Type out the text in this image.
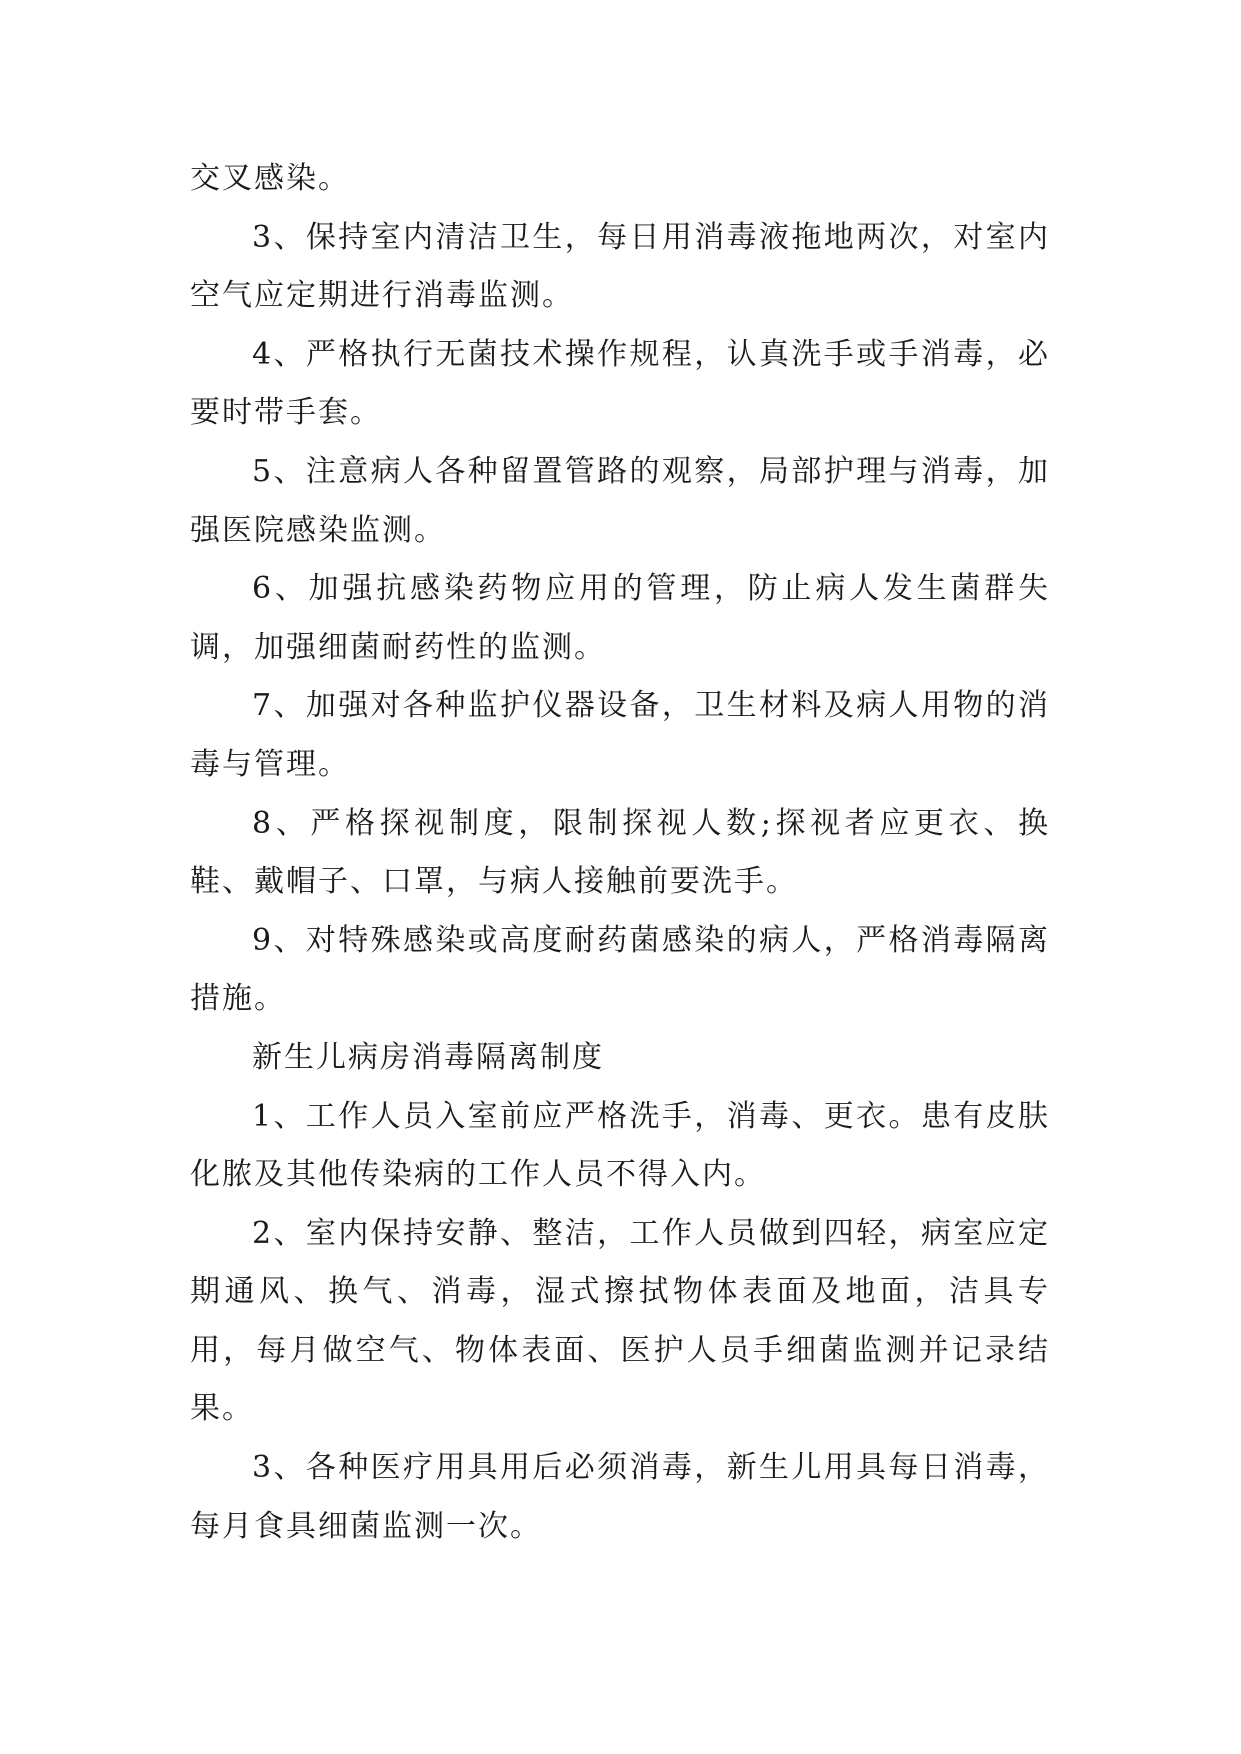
交叉感染。

3、保持室内清洁卫生，每日用消毒液拖地两次，对室内空气应定期进行消毒监测。

4、严格执行无菌技术操作规程，认真洗手或手消毒，必要时带手套。

5、注意病人各种留置管路的观察，局部护理与消毒，加强医院感染监测。

6、加强抗感染药物应用的管理，防止病人发生菌群失调，加强细菌耐药性的监测。

7、加强对各种监护仪器设备，卫生材料及病人用物的消毒与管理。

8、严格探视制度，限制探视人数;探视者应更衣、换鞋、戴帽子、口罩，与病人接触前要洗手。

9、对特殊感染或高度耐药菌感染的病人，严格消毒隔离措施。

新生儿病房消毒隔离制度

1、工作人员入室前应严格洗手，消毒、更衣。患有皮肤化脓及其他传染病的工作人员不得入内。

2、室内保持安静、整洁，工作人员做到四轻，病室应定期通风、换气、消毒，湿式擦拭物体表面及地面，洁具专用，每月做空气、物体表面、医护人员手细菌监测并记录结果。

3、各种医疗用具用后必须消毒，新生儿用具每日消毒，每月食具细菌监测一次。
